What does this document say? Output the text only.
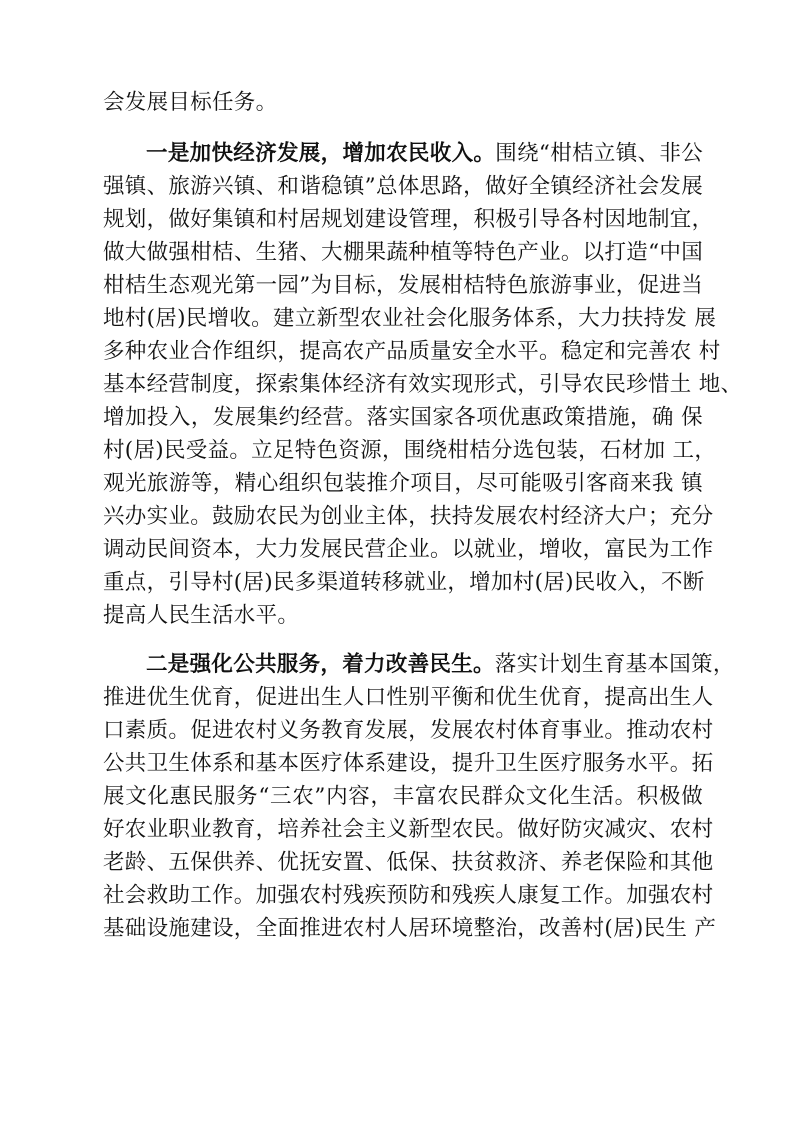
会发展目标任务。
一是加快经济发展，增加农民收入。围绕“柑桔立镇、非公
强镇、旅游兴镇、和谐稳镇”总体思路，做好全镇经济社会发展
规划，做好集镇和村居规划建设管理，积极引导各村因地制宜，
做大做强柑桔、生猪、大棚果蔬种植等特色产业。以打造“中国
柑桔生态观光第一园”为目标，发展柑桔特色旅游事业，促进当
地村(居)民增收。建立新型农业社会化服务体系，大力扶持发 展
多种农业合作组织，提高农产品质量安全水平。稳定和完善农 村
基本经营制度，探索集体经济有效实现形式，引导农民珍惜土 地、
增加投入，发展集约经营。落实国家各项优惠政策措施，确 保
村(居)民受益。立足特色资源，围绕柑桔分选包装，石材加 工，
观光旅游等，精心组织包装推介项目，尽可能吸引客商来我 镇
兴办实业。鼓励农民为创业主体，扶持发展农村经济大户；充分
调动民间资本，大力发展民营企业。以就业，增收，富民为工作
重点，引导村(居)民多渠道转移就业，增加村(居)民收入，不断
提高人民生活水平。
二是强化公共服务，着力改善民生。落实计划生育基本国策，
推进优生优育，促进出生人口性别平衡和优生优育，提高出生人
口素质。促进农村义务教育发展，发展农村体育事业。推动农村
公共卫生体系和基本医疗体系建设，提升卫生医疗服务水平。拓
展文化惠民服务“三农”内容，丰富农民群众文化生活。积极做
好农业职业教育，培养社会主义新型农民。做好防灾减灾、农村
老龄、五保供养、优抚安置、低保、扶贫救济、养老保险和其他
社会救助工作。加强农村残疾预防和残疾人康复工作。加强农村
基础设施建设，全面推进农村人居环境整治，改善村(居)民生 产
